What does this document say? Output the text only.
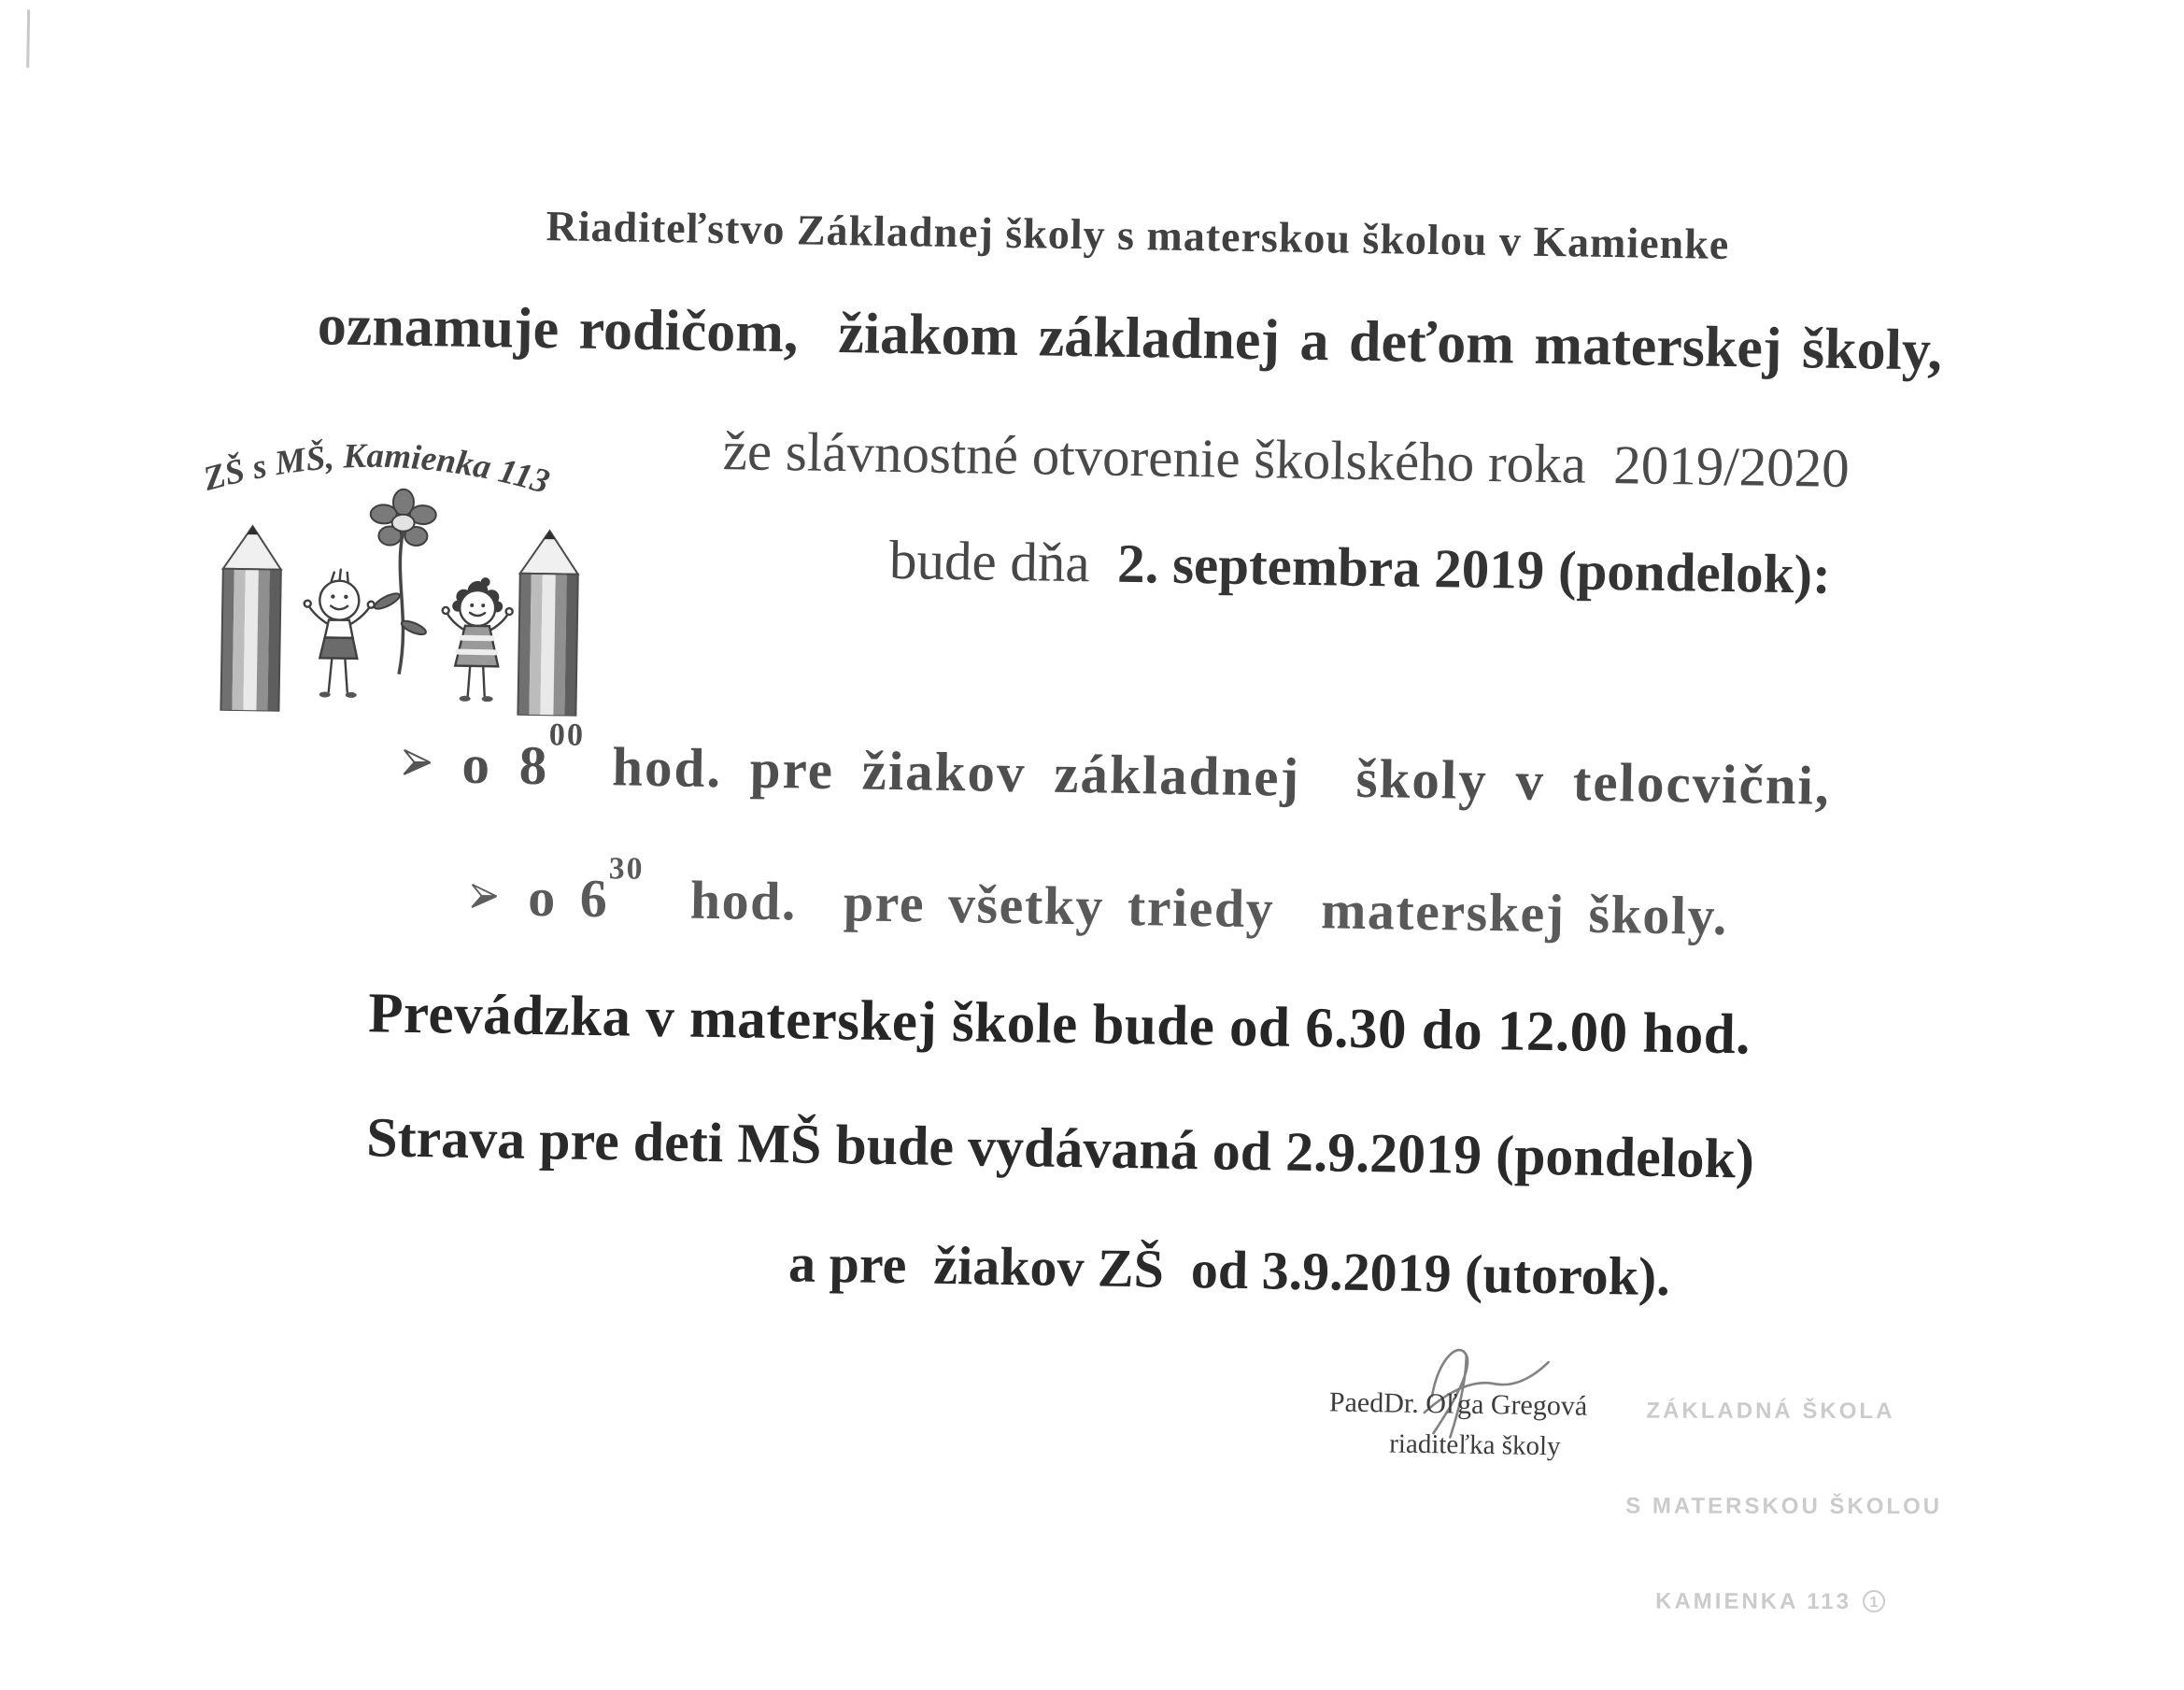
Riaditeľstvo Základnej školy s materskou školou v Kamienke
oznamuje rodičom,  žiakom základnej a deťom materskej školy,
že slávnostné otvorenie školského roka  2019/2020
bude dňa  2. septembra 2019 (pondelok):
ZŠ s MŠ, Kamienka 113
o $8^{00}$ hod. pre žiakov základnej  školy v telocvični,
o $6^{30}$  hod.  pre všetky triedy  materskej školy.
Prevádzka v materskej škole bude od 6.30 do 12.00 hod.
Strava pre deti MŠ bude vydávaná od 2.9.2019 (pondelok)
a pre  žiakov ZŠ  od 3.9.2019 (utorok).
PaedDr. Oľga Gregová
riaditeľka školy

ZÁKLADNÁ ŠKOLA

S MATERSKOU ŠKOLOU

KAMIENKA 113 1
